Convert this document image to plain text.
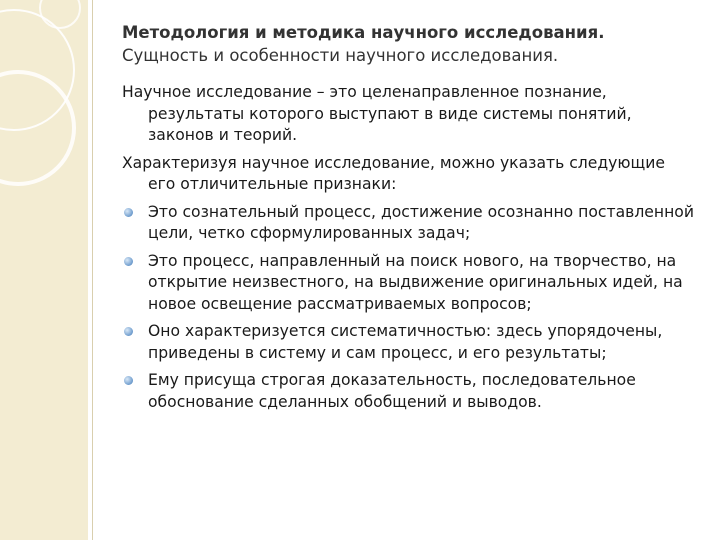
Методология и методика научного исследования.

Сущность и особенности научного исследования.

Научное исследование – это целенаправленное познание, результаты которого выступают в виде системы понятий, законов и теорий.

Характеризуя научное исследование, можно указать следующие его отличительные признаки:

Это сознательный процесс, достижение осознанно поставленной цели, четко сформулированных задач;
Это процесс, направленный на поиск нового, на творчество, на открытие неизвестного, на выдвижение оригинальных идей, на новое освещение рассматриваемых вопросов;
Оно характеризуется систематичностью: здесь упорядочены, приведены в систему и сам процесс, и его результаты;
Ему присуща строгая доказательность, последовательное обоснование сделанных обобщений и выводов.
